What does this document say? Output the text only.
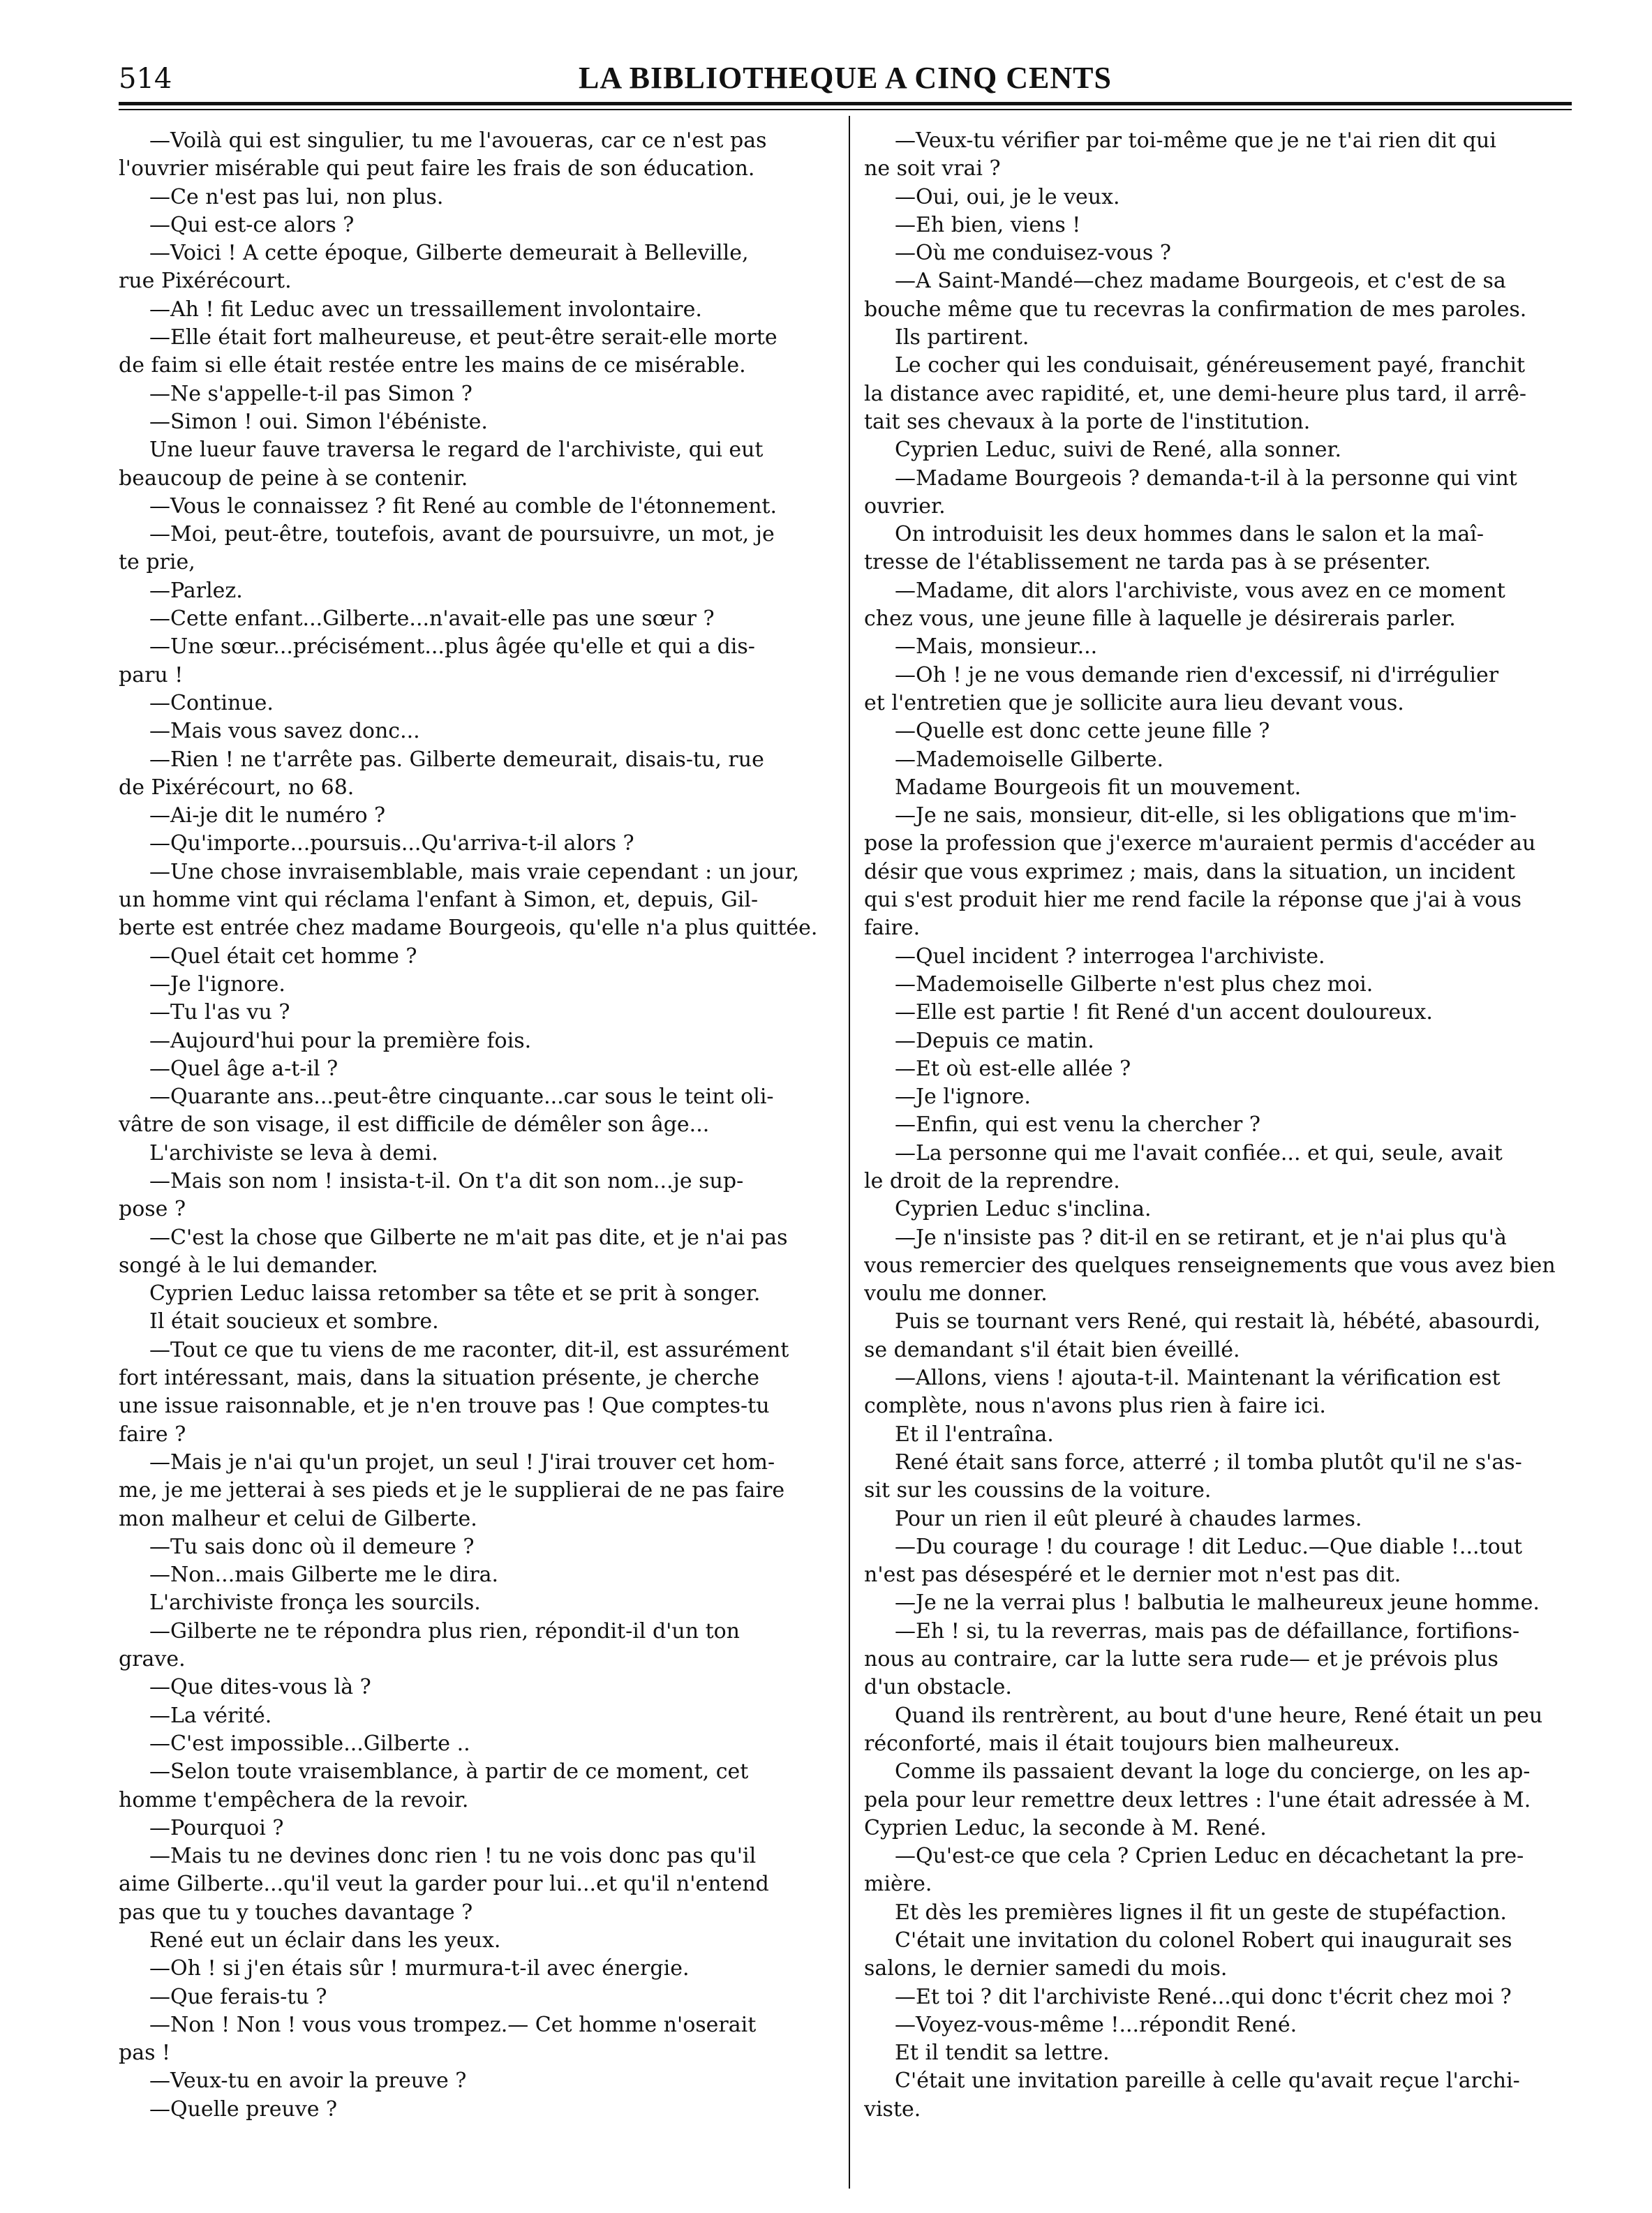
514	LA BIBLIOTHEQUE A CINQ CENTS
—Voilà qui est singulier, tu me l'avoueras, car ce n'est pas
l'ouvrier misérable qui peut faire les frais de son éducation.
—Ce n'est pas lui, non plus.
—Qui est-ce alors ?
—Voici ! A cette époque, Gilberte demeurait à Belleville,
rue Pixérécourt.
—Ah ! fit Leduc avec un tressaillement involontaire.
—Elle était fort malheureuse, et peut-être serait-elle morte
de faim si elle était restée entre les mains de ce misérable.
—Ne s'appelle-t-il pas Simon ?
—Simon ! oui. Simon l'ébéniste.
Une lueur fauve traversa le regard de l'archiviste, qui eut
beaucoup de peine à se contenir.
—Vous le connaissez ? fit René au comble de l'étonnement.
—Moi, peut-être, toutefois, avant de poursuivre, un mot, je
te prie,
—Parlez.
—Cette enfant...Gilberte...n'avait-elle pas une sœur ?
—Une sœur...précisément...plus âgée qu'elle et qui a dis-
paru !
—Continue.
—Mais vous savez donc...
—Rien ! ne t'arrête pas. Gilberte demeurait, disais-tu, rue
de Pixérécourt, no 68.
—Ai-je dit le numéro ?
—Qu'importe...poursuis...Qu'arriva-t-il alors ?
—Une chose invraisemblable, mais vraie cependant : un jour,
un homme vint qui réclama l'enfant à Simon, et, depuis, Gil-
berte est entrée chez madame Bourgeois, qu'elle n'a plus quittée.
—Quel était cet homme ?
—Je l'ignore.
—Tu l'as vu ?
—Aujourd'hui pour la première fois.
—Quel âge a-t-il ?
—Quarante ans...peut-être cinquante...car sous le teint oli-
vâtre de son visage, il est difficile de démêler son âge...
L'archiviste se leva à demi.
—Mais son nom ! insista-t-il. On t'a dit son nom...je sup-
pose ?
—C'est la chose que Gilberte ne m'ait pas dite, et je n'ai pas
songé à le lui demander.
Cyprien Leduc laissa retomber sa tête et se prit à songer.
Il était soucieux et sombre.
—Tout ce que tu viens de me raconter, dit-il, est assurément
fort intéressant, mais, dans la situation présente, je cherche
une issue raisonnable, et je n'en trouve pas ! Que comptes-tu
faire ?
—Mais je n'ai qu'un projet, un seul ! J'irai trouver cet hom-
me, je me jetterai à ses pieds et je le supplierai de ne pas faire
mon malheur et celui de Gilberte.
—Tu sais donc où il demeure ?
—Non...mais Gilberte me le dira.
L'archiviste fronça les sourcils.
—Gilberte ne te répondra plus rien, répondit-il d'un ton
grave.
—Que dites-vous là ?
—La vérité.
—C'est impossible...Gilberte ..
—Selon toute vraisemblance, à partir de ce moment, cet
homme t'empêchera de la revoir.
—Pourquoi ?
—Mais tu ne devines donc rien ! tu ne vois donc pas qu'il
aime Gilberte...qu'il veut la garder pour lui...et qu'il n'entend
pas que tu y touches davantage ?
René eut un éclair dans les yeux.
—Oh ! si j'en étais sûr ! murmura-t-il avec énergie.
—Que ferais-tu ?
—Non ! Non ! vous vous trompez.— Cet homme n'oserait
pas !
—Veux-tu en avoir la preuve ?
—Quelle preuve ?
—Veux-tu vérifier par toi-même que je ne t'ai rien dit qui
ne soit vrai ?
—Oui, oui, je le veux.
—Eh bien, viens !
—Où me conduisez-vous ?
—A Saint-Mandé—chez madame Bourgeois, et c'est de sa
bouche même que tu recevras la confirmation de mes paroles.
Ils partirent.
Le cocher qui les conduisait, généreusement payé, franchit
la distance avec rapidité, et, une demi-heure plus tard, il arrê-
tait ses chevaux à la porte de l'institution.
Cyprien Leduc, suivi de René, alla sonner.
—Madame Bourgeois ? demanda-t-il à la personne qui vint
ouvrier.
On introduisit les deux hommes dans le salon et la maî-
tresse de l'établissement ne tarda pas à se présenter.
—Madame, dit alors l'archiviste, vous avez en ce moment
chez vous, une jeune fille à laquelle je désirerais parler.
—Mais, monsieur...
—Oh ! je ne vous demande rien d'excessif, ni d'irrégulier
et l'entretien que je sollicite aura lieu devant vous.
—Quelle est donc cette jeune fille ?
—Mademoiselle Gilberte.
Madame Bourgeois fit un mouvement.
—Je ne sais, monsieur, dit-elle, si les obligations que m'im-
pose la profession que j'exerce m'auraient permis d'accéder au
désir que vous exprimez ; mais, dans la situation, un incident
qui s'est produit hier me rend facile la réponse que j'ai à vous
faire.
—Quel incident ? interrogea l'archiviste.
—Mademoiselle Gilberte n'est plus chez moi.
—Elle est partie ! fit René d'un accent douloureux.
—Depuis ce matin.
—Et où est-elle allée ?
—Je l'ignore.
—Enfin, qui est venu la chercher ?
—La personne qui me l'avait confiée... et qui, seule, avait
le droit de la reprendre.
Cyprien Leduc s'inclina.
—Je n'insiste pas ? dit-il en se retirant, et je n'ai plus qu'à
vous remercier des quelques renseignements que vous avez bien
voulu me donner.
Puis se tournant vers René, qui restait là, hébété, abasourdi,
se demandant s'il était bien éveillé.
—Allons, viens ! ajouta-t-il. Maintenant la vérification est
complète, nous n'avons plus rien à faire ici.
Et il l'entraîna.
René était sans force, atterré ; il tomba plutôt qu'il ne s'as-
sit sur les coussins de la voiture.
Pour un rien il eût pleuré à chaudes larmes.
—Du courage ! du courage ! dit Leduc.—Que diable !...tout
n'est pas désespéré et le dernier mot n'est pas dit.
—Je ne la verrai plus ! balbutia le malheureux jeune homme.
—Eh ! si, tu la reverras, mais pas de défaillance, fortifions-
nous au contraire, car la lutte sera rude— et je prévois plus
d'un obstacle.
Quand ils rentrèrent, au bout d'une heure, René était un peu
réconforté, mais il était toujours bien malheureux.
Comme ils passaient devant la loge du concierge, on les ap-
pela pour leur remettre deux lettres : l'une était adressée à M.
Cyprien Leduc, la seconde à M. René.
—Qu'est-ce que cela ? Cprien Leduc en décachetant la pre-
mière.
Et dès les premières lignes il fit un geste de stupéfaction.
C'était une invitation du colonel Robert qui inaugurait ses
salons, le dernier samedi du mois.
—Et toi ? dit l'archiviste René...qui donc t'écrit chez moi ?
—Voyez-vous-même !...répondit René.
Et il tendit sa lettre.
C'était une invitation pareille à celle qu'avait reçue l'archi-
viste.
